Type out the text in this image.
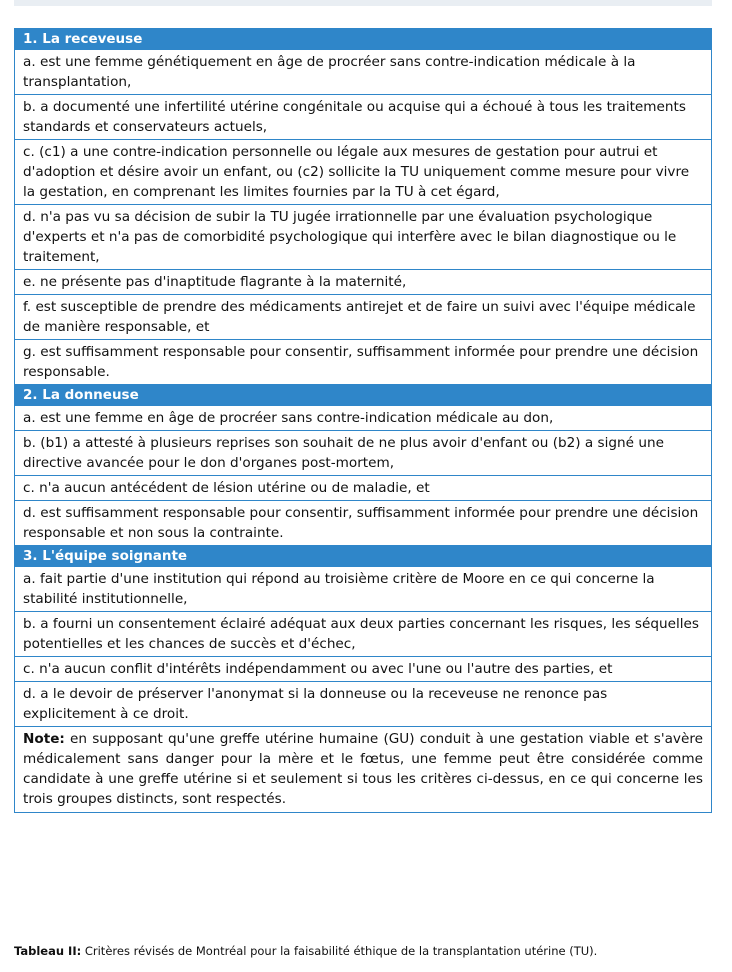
1. La receveuse
a. est une femme génétiquement en âge de procréer sans contre-indication médicale à la transplantation,
b. a documenté une infertilité utérine congénitale ou acquise qui a échoué à tous les traitements standards et conservateurs actuels,
c. (c1) a une contre-indication personnelle ou légale aux mesures de gestation pour autrui et d'adoption et désire avoir un enfant, ou (c2) sollicite la TU uniquement comme mesure pour vivre la gestation, en comprenant les limites fournies par la TU à cet égard,
d. n'a pas vu sa décision de subir la TU jugée irrationnelle par une évaluation psychologique d'experts et n'a pas de comorbidité psychologique qui interfère avec le bilan diagnostique ou le traitement,
e. ne présente pas d'inaptitude flagrante à la maternité,
f. est susceptible de prendre des médicaments antirejet et de faire un suivi avec l'équipe médicale de manière responsable, et
g. est suffisamment responsable pour consentir, suffisamment informée pour prendre une décision responsable.
2. La donneuse
a. est une femme en âge de procréer sans contre-indication médicale au don,
b. (b1) a attesté à plusieurs reprises son souhait de ne plus avoir d'enfant ou (b2) a signé une directive avancée pour le don d'organes post-mortem,
c. n'a aucun antécédent de lésion utérine ou de maladie, et
d. est suffisamment responsable pour consentir, suffisamment informée pour prendre une décision responsable et non sous la contrainte.
3. L'équipe soignante
a. fait partie d'une institution qui répond au troisième critère de Moore en ce qui concerne la stabilité institutionnelle,
b. a fourni un consentement éclairé adéquat aux deux parties concernant les risques, les séquelles potentielles et les chances de succès et d'échec,
c. n'a aucun conflit d'intérêts indépendamment ou avec l'une ou l'autre des parties, et
d. a le devoir de préserver l'anonymat si la donneuse ou la receveuse ne renonce pas explicitement à ce droit.
Note: en supposant qu'une greffe utérine humaine (GU) conduit à une gestation viable et s'avère médicalement sans danger pour la mère et le fœtus, une femme peut être considérée comme candidate à une greffe utérine si et seulement si tous les critères ci-dessus, en ce qui concerne les trois groupes distincts, sont respectés.
Tableau II: Critères révisés de Montréal pour la faisabilité éthique de la transplantation utérine (TU).
